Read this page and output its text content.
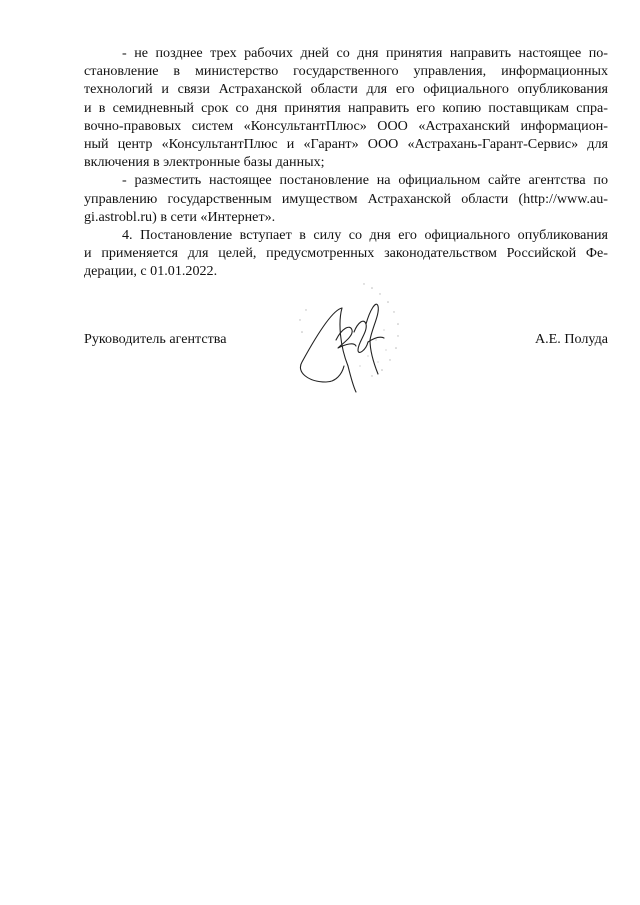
- не позднее трех рабочих дней со дня принятия направить настоящее по-
становление в министерство государственного управления, информационных
технологий и связи Астраханской области для его официального опубликования
и в семидневный срок со дня принятия направить его копию поставщикам спра-
вочно-правовых систем «КонсультантПлюс» ООО «Астраханский информацион-
ный центр «КонсультантПлюс и «Гарант» ООО «Астрахань-Гарант-Сервис» для
включения в электронные базы данных;
- разместить настоящее постановление на официальном сайте агентства по
управлению государственным имуществом Астраханской области (http://www.au-
gi.astrobl.ru) в сети «Интернет».
4. Постановление вступает в силу со дня его официального опубликования
и применяется для целей, предусмотренных законодательством Российской Фе-
дерации, с 01.01.2022.
Руководитель агентства	А.Е. Полуда
